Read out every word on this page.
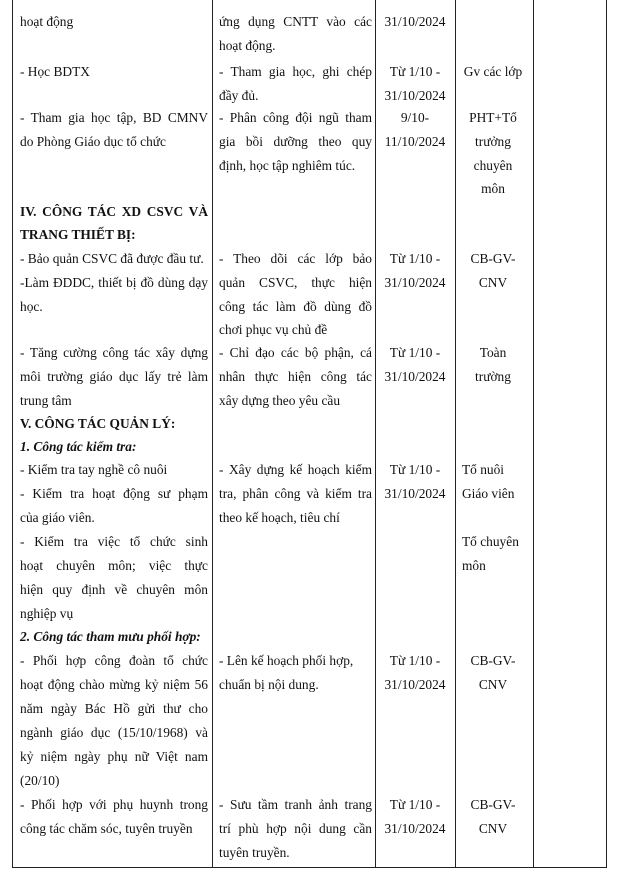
hoạt động	ứng dụng CNTT vào các
hoạt động.
31/10/2024
- Học BDTX	- Tham gia học, ghi chép
đầy đủ.
Từ 1/10 -
31/10/2024
Gv các lớp
- Tham gia học tập, BD CMNV
do Phòng Giáo dục tổ chức
- Phân công đội ngũ tham
gia bồi dưỡng theo quy
định, học tập nghiêm túc.
9/10-
11/10/2024
PHT+Tổ
trưởng
chuyên
môn
IV. CÔNG TÁC XD CSVC VÀ
TRANG THIẾT BỊ:
- Bảo quản CSVC đã được đầu tư.
-Làm ĐDDC, thiết bị đồ dùng dạy
học.
- Theo dõi các lớp bảo
quản CSVC, thực hiện
công tác làm đồ dùng đồ
chơi phục vụ chủ đề
Từ 1/10 -
31/10/2024
CB-GV-
CNV
- Tăng cường công tác xây dựng
môi trường giáo dục lấy trẻ làm
trung tâm
- Chỉ đạo các bộ phận, cá
nhân thực hiện công tác
xây dựng theo yêu cầu
Từ 1/10 -
31/10/2024
Toàn
trường
V. CÔNG TÁC QUẢN LÝ:
1. Công tác kiểm tra:
- Kiểm tra tay nghề cô nuôi
- Kiểm tra hoạt động sư phạm
của giáo viên.
- Kiểm tra việc tổ chức sinh
hoạt chuyên môn; việc thực
hiện quy định về chuyên môn
nghiệp vụ
- Xây dựng kế hoạch kiểm
tra, phân công và kiểm tra
theo kế hoạch, tiêu chí
Từ 1/10 -
31/10/2024
Tổ nuôi
Giáo viên
Tổ chuyên
môn
2. Công tác tham mưu phối hợp:
- Phối hợp công đoàn tổ chức
hoạt động chào mừng kỷ niệm 56
năm ngày Bác Hồ gửi thư cho
ngành giáo dục (15/10/1968) và
kỷ niệm ngày phụ nữ Việt nam
(20/10)
- Lên kế hoạch phối hợp,
chuẩn bị nội dung.
Từ 1/10 -
31/10/2024
CB-GV-
CNV
- Phối hợp với phụ huynh trong
công tác chăm sóc, tuyên truyền
- Sưu tầm tranh ảnh trang
trí phù hợp nội dung cần
tuyên truyền.
Từ 1/10 -
31/10/2024
CB-GV-
CNV
